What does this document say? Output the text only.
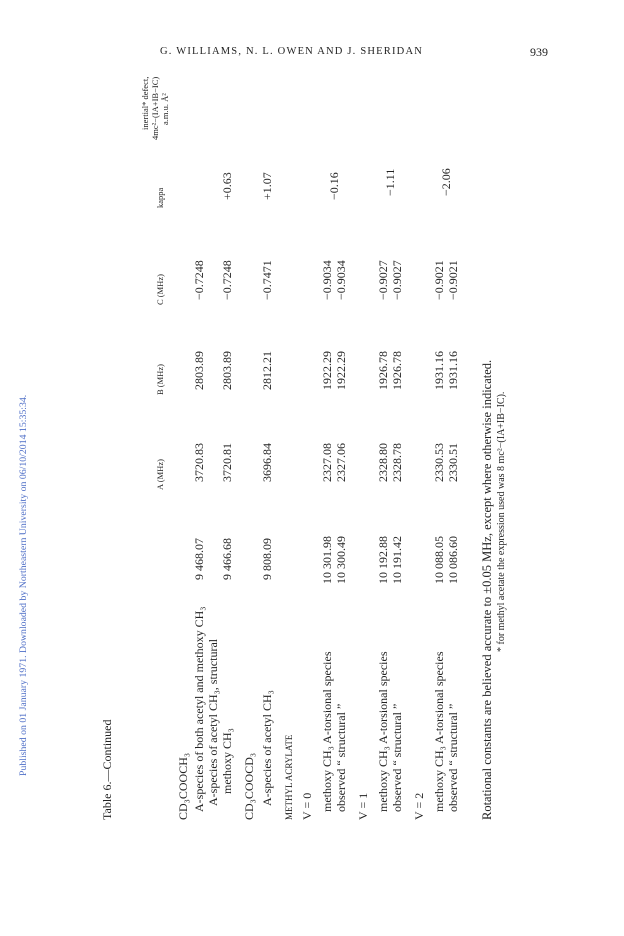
G. WILLIAMS, N. L. OWEN AND J. SHERIDAN	939
Published on 01 January 1971. Downloaded by Northeastern University on 06/10/2014 15:35:34.	Table 6.—Continued
A (MHz)
B (MHz)
C (MHz)
kappa
inertial* defect, 4mc²−(IA+IB−IC) a.m.u. Å²
CD₃COOCH₃ A-species of both acetyl and methoxy CH₃ A-species of acetyl CH₃, structural methoxy CH₃
9 468.07
3720.83
2803.89
−0.7248
9 466.68
3720.81
2803.89
−0.7248
+0.63
CD₃COOCD₃ A-species of acetyl CH₃
9 808.09
3696.84
2812.21
−0.7471
+1.07
METHYL ACRYLATE V = 0 methoxy CH₃ A-torsional species observed “ structural ”
10 301.98
2327.08
1922.29
−0.9034
10 300.49
2327.06
1922.29
−0.9034
−0.16
V = 1 methoxy CH₃ A-torsional species observed “ structural ”
10 192.88
2328.80
1926.78
−0.9027
10 191.42
2328.78
1926.78
−0.9027
−1.11
V = 2 methoxy CH₃ A-torsional species observed “ structural ”
10 088.05
2330.53
1931.16
−0.9021
10 086.60
2330.51
1931.16
−0.9021
−2.06
Rotational constants are believed accurate to ±0.05 MHz, except where otherwise indicated. * for methyl acetate the expression used was 8 mc²−(IA+IB−IC).
